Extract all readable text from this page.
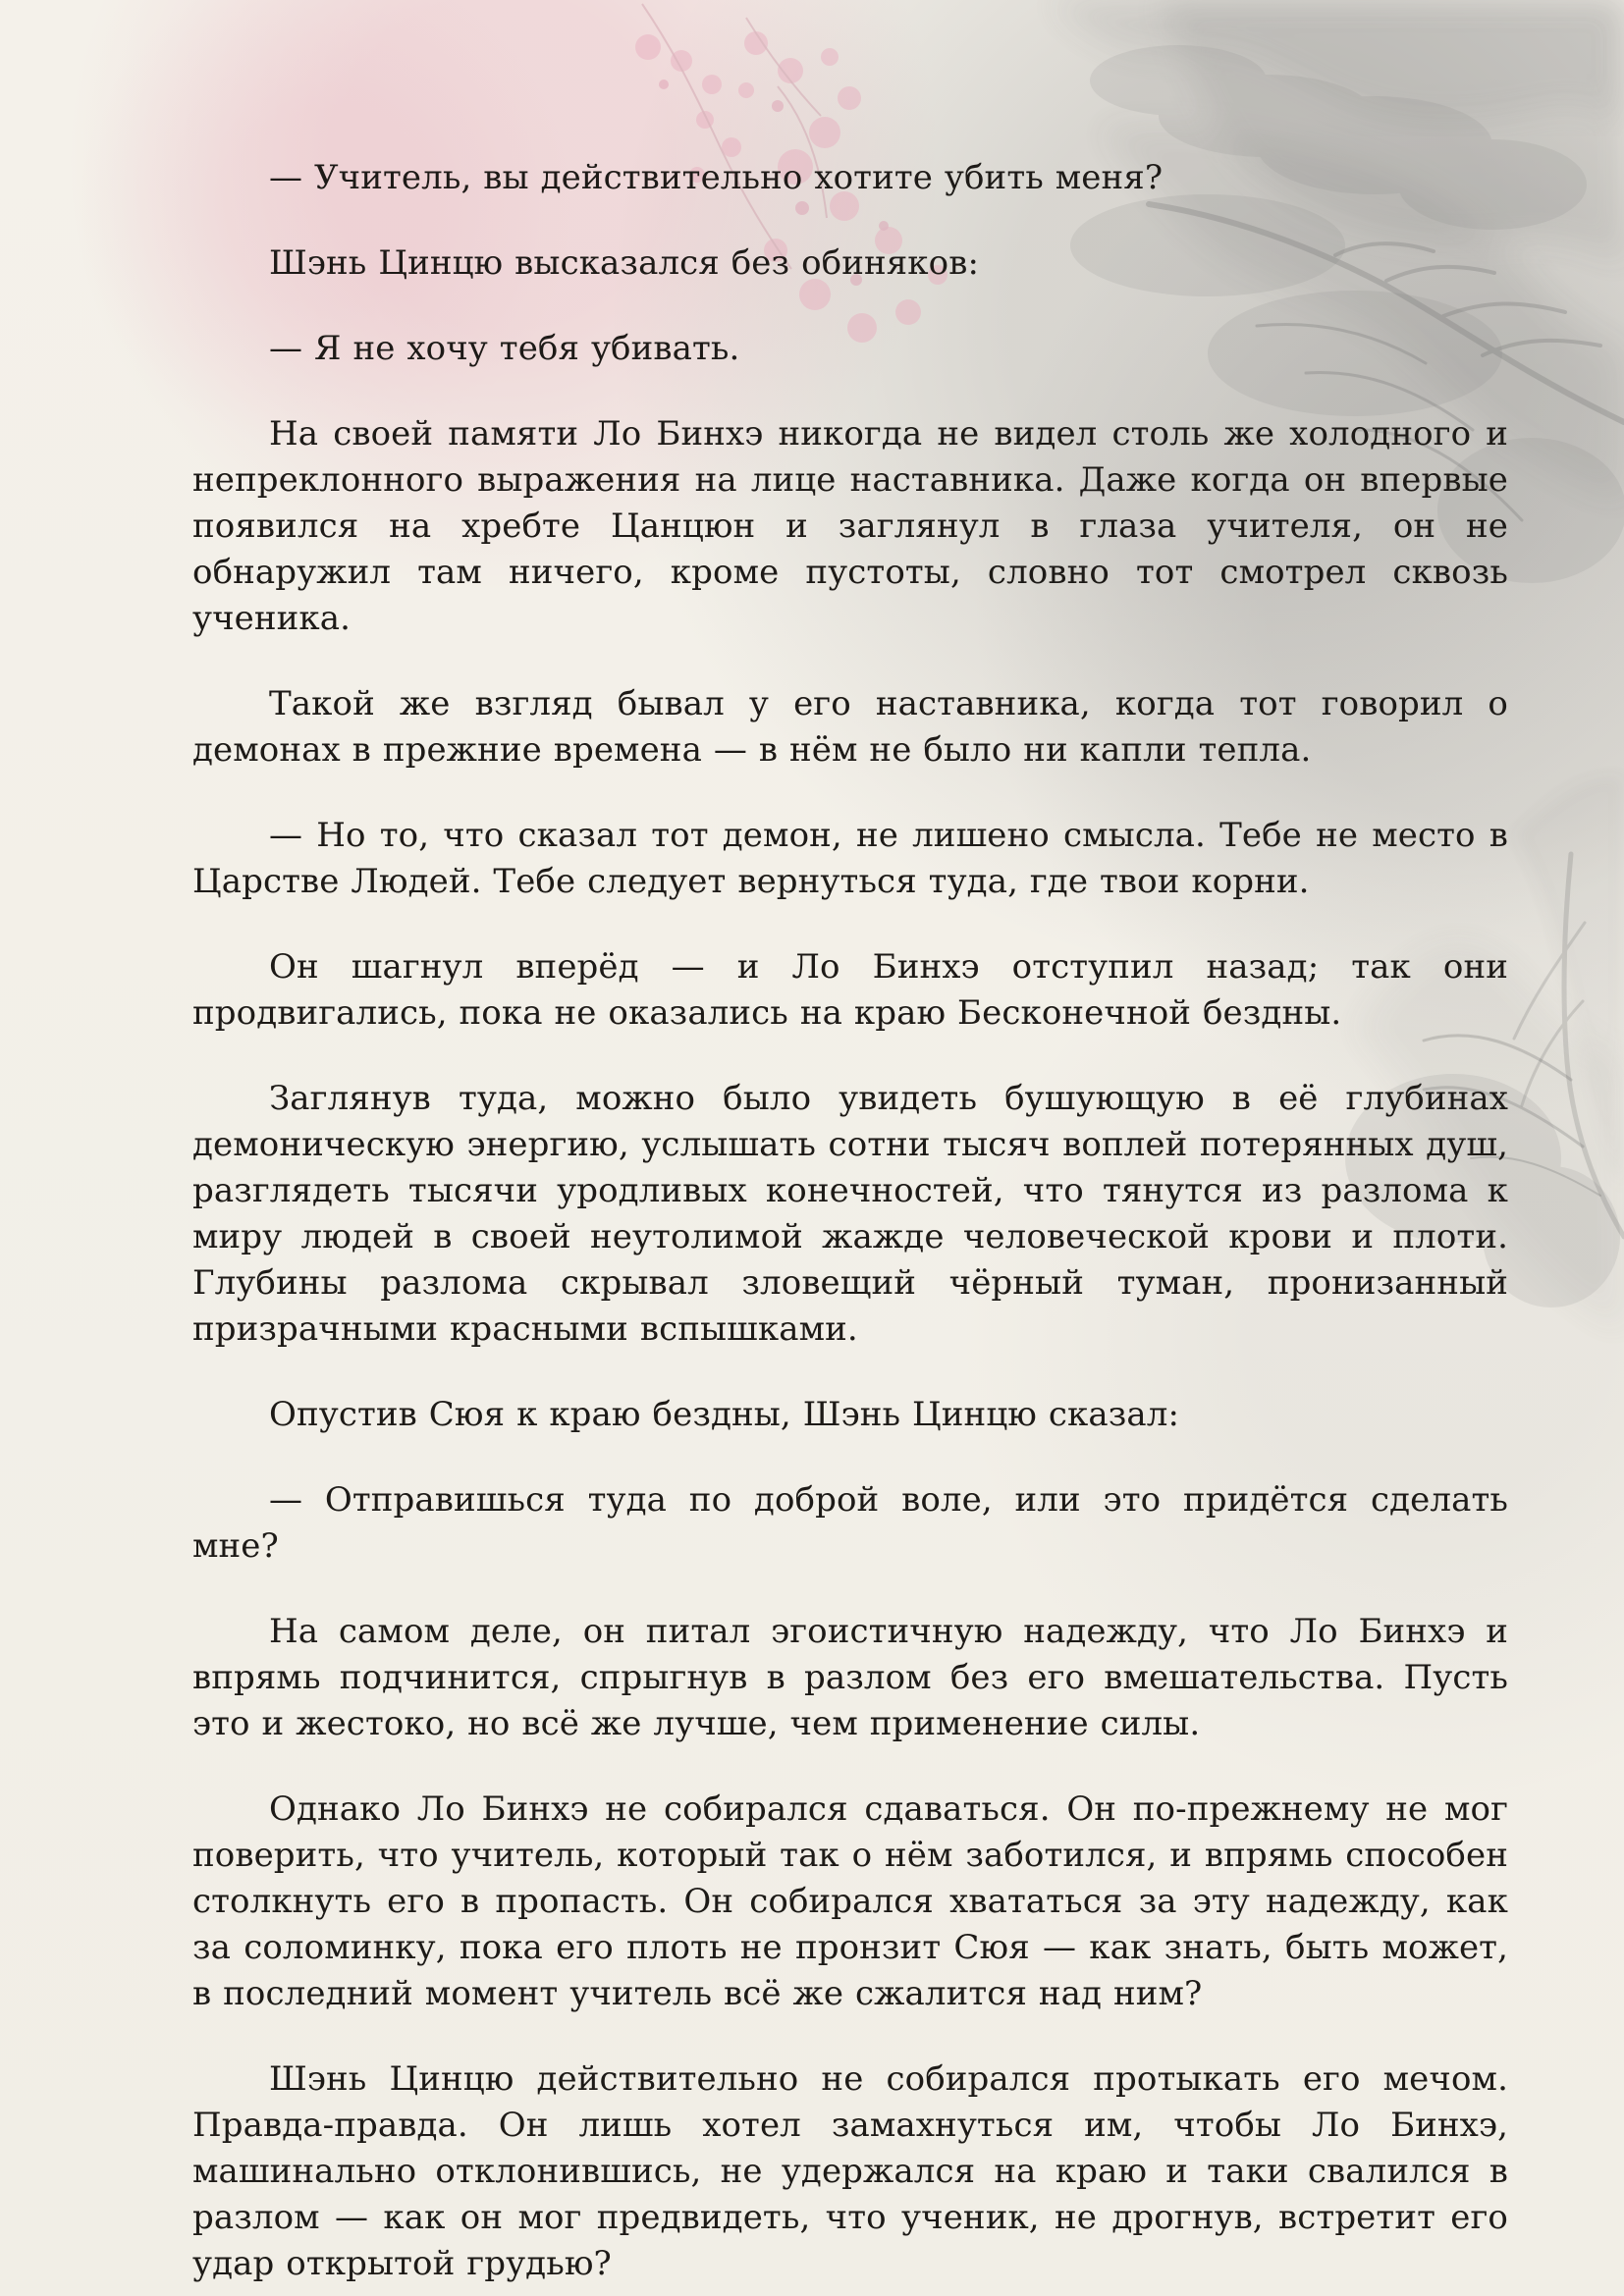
— Учитель, вы действительно хотите убить меня?

Шэнь Цинцю высказался без обиняков:

— Я не хочу тебя убивать.

На своей памяти Ло Бинхэ никогда не видел столь же холодного и непреклонного выражения на лице наставника. Даже когда он впервые появился на хребте Цанцюн и заглянул в глаза учителя, он не обнаружил там ничего, кроме пустоты, словно тот смотрел сквозь ученика.

Такой же взгляд бывал у его наставника, когда тот говорил о демонах в прежние времена — в нём не было ни капли тепла.

— Но то, что сказал тот демон, не лишено смысла. Тебе не место в Царстве Людей. Тебе следует вернуться туда, где твои корни.

Он шагнул вперёд — и Ло Бинхэ отступил назад; так они продвигались, пока не оказались на краю Бесконечной бездны.

Заглянув туда, можно было увидеть бушующую в её глубинах демоническую энергию, услышать сотни тысяч воплей потерянных душ, разглядеть тысячи уродливых конечностей, что тянутся из разлома к миру людей в своей неутолимой жажде человеческой крови и плоти. Глубины разлома скрывал зловещий чёрный туман, пронизанный призрачными красными вспышками.

Опустив Сюя к краю бездны, Шэнь Цинцю сказал:

— Отправишься туда по доброй воле, или это придётся сделать мне?

На самом деле, он питал эгоистичную надежду, что Ло Бинхэ и впрямь подчинится, спрыгнув в разлом без его вмешательства. Пусть это и жестоко, но всё же лучше, чем применение силы.

Однако Ло Бинхэ не собирался сдаваться. Он по-прежнему не мог поверить, что учитель, который так о нём заботился, и впрямь способен столкнуть его в пропасть. Он собирался хвататься за эту надежду, как за соломинку, пока его плоть не пронзит Сюя — как знать, быть может, в последний момент учитель всё же сжалится над ним?

Шэнь Цинцю действительно не собирался протыкать его мечом. Правда-правда. Он лишь хотел замахнуться им, чтобы Ло Бинхэ, машинально отклонившись, не удержался на краю и таки свалился в разлом — как он мог предвидеть, что ученик, не дрогнув, встретит его удар открытой грудью?
